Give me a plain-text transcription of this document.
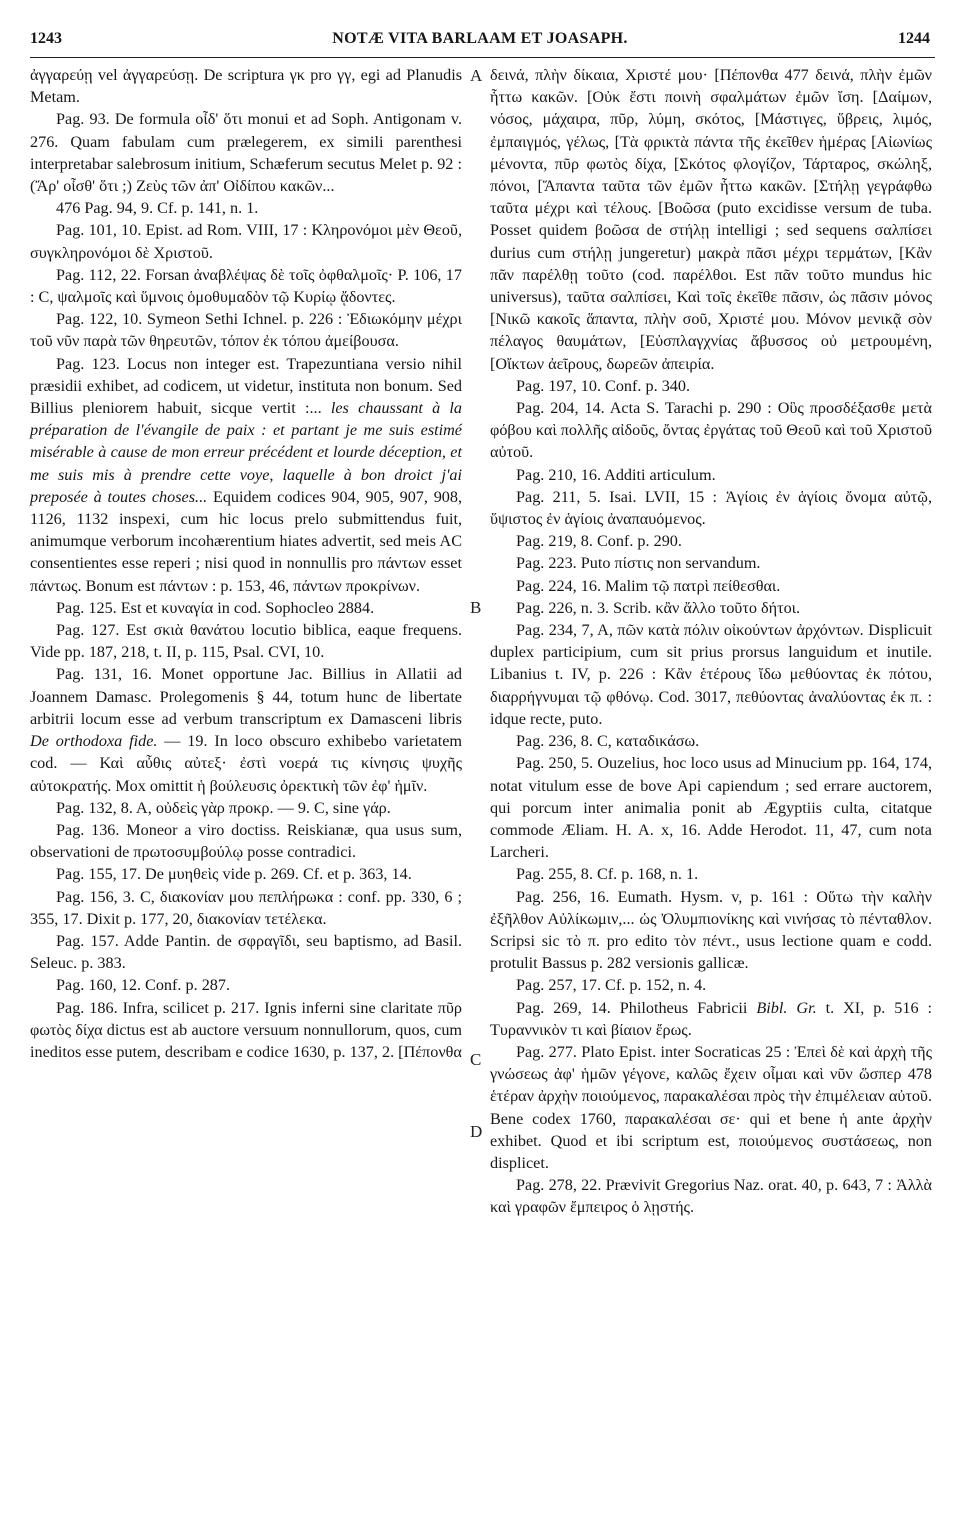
1243	NOTÆ VITA BARLAAM ET JOASAPH.	1244
A
B
C
D

ἀγγαρεύῃ vel ἀγγαρεύσῃ. De scriptura γκ pro γγ, egi ad Planudis Metam.

Pag. 93. De formula οἶδ' ὅτι monui et ad Soph. Antigonam v. 276. Quam fabulam cum prælegerem, ex simili parenthesi interpretabar salebrosum initium, Schæferum secutus Melet p. 92 : (Ἄρ' οἶσθ' ὅτι ;) Ζεὺς τῶν ἀπ' Οἰδίπου κακῶν...

476 Pag. 94, 9. Cf. p. 141, n. 1.

Pag. 101, 10. Epist. ad Rom. VIII, 17 : Κληρονόμοι μὲν Θεοῦ, συγκληρονόμοι δὲ Χριστοῦ.

Pag. 112, 22. Forsan ἀναβλέψας δὲ τοῖς ὀφθαλμοῖς· P. 106, 17 : C, ψαλμοῖς καὶ ὕμνοις ὁμοθυμαδὸν τῷ Κυρίῳ ᾄδοντες.

Pag. 122, 10. Symeon Sethi Ichnel. p. 226 : Ἐδιωκόμην μέχρι τοῦ νῦν παρὰ τῶν θηρευτῶν, τόπον ἐκ τόπου ἀμείβουσα.

Pag. 123. Locus non integer est. Trapezuntiana versio nihil præsidii exhibet, ad codicem, ut videtur, instituta non bonum. Sed Billius pleniorem habuit, sicque vertit :... les chaussant à la préparation de l'évangile de paix : et partant je me suis estimé misérable à cause de mon erreur précédent et lourde déception, et me suis mis à prendre cette voye, laquelle à bon droict j'ai preposée à toutes choses... Equidem codices 904, 905, 907, 908, 1126, 1132 inspexi, cum hic locus prelo submittendus fuit, animumque verborum incohærentium hiates advertit, sed meis AC consentientes esse reperi ; nisi quod in nonnullis pro πάντων esset πάντως. Bonum est πάντων : p. 153, 46, πάντων προκρίνων.

Pag. 125. Est et κυναγία in cod. Sophocleo 2884.

Pag. 127. Est σκιὰ θανάτου locutio biblica, eaque frequens. Vide pp. 187, 218, t. II, p. 115, Psal. CVI, 10.

Pag. 131, 16. Monet opportune Jac. Billius in Allatii ad Joannem Damasc. Prolegomenis § 44, totum hunc de libertate arbitrii locum esse ad verbum transcriptum ex Damasceni libris De orthodoxa fide. — 19. In loco obscuro exhibebo varietatem cod. — Καὶ αὖθις αὐτεξ· ἐστὶ νοερά τις κίνησις ψυχῆς αὐτοκρατής. Mox omittit ἡ βούλευσις ὀρεκτικὴ τῶν ἐφ' ἡμῖν.

Pag. 132, 8. A, οὐδεὶς γὰρ προκρ. — 9. C, sine γάρ.

Pag. 136. Moneor a viro doctiss. Reiskianæ, qua usus sum, observationi de πρωτοσυμβούλῳ posse contradici.

Pag. 155, 17. De μυηθεὶς vide p. 269. Cf. et p. 363, 14.

Pag. 156, 3. C, διακονίαν μου πεπλήρωκα : conf. pp. 330, 6 ; 355, 17. Dixit p. 177, 20, διακονίαν τετέλεκα.

Pag. 157. Adde Pantin. de σφραγῖδι, seu baptismo, ad Basil. Seleuc. p. 383.

Pag. 160, 12. Conf. p. 287.

Pag. 186. Infra, scilicet p. 217. Ignis inferni sine claritate πῦρ φωτὸς δίχα dictus est ab auctore versuum nonnullorum, quos, cum ineditos esse putem, describam e codice 1630, p. 137, 2. [Πέπονθα

δεινά, πλὴν δίκαια, Χριστέ μου· [Πέπονθα 477 δεινά, πλὴν ἐμῶν ἧττω κακῶν. [Οὐκ ἔστι ποινὴ σφαλμάτων ἐμῶν ἴση. [Δαίμων, νόσος, μάχαιρα, πῦρ, λύμη, σκότος, [Μάστιγες, ὕβρεις, λιμός, ἐμπαιγμός, γέλως, [Τὰ φρικτὰ πάντα τῆς ἐκεῖθεν ἡμέρας [Αἰωνίως μένοντα, πῦρ φωτὸς δίχα, [Σκότος φλογίζον, Τάρταρος, σκώληξ, πόνοι, [Ἅπαντα ταῦτα τῶν ἐμῶν ἧττω κακῶν. [Στήλῃ γεγράφθω ταῦτα μέχρι καὶ τέλους. [Βοῶσα (puto excidisse versum de tuba. Posset quidem βοῶσα de στήλῃ intelligi ; sed sequens σαλπίσει durius cum στήλῃ jungeretur) μακρὰ πᾶσι μέχρι τερμάτων, [Κἂν πᾶν παρέλθῃ τοῦτο (cod. παρέλθοι. Est πᾶν τοῦτο mundus hic universus), ταῦτα σαλπίσει, Καὶ τοῖς ἐκεῖθε πᾶσιν, ὡς πᾶσιν μόνος [Νικῶ κακοῖς ἅπαντα, πλὴν σοῦ, Χριστέ μου. Μόνον μενικᾷ σὸν πέλαγος θαυμάτων, [Εὐσπλαγχνίας ἄβυσσος οὐ μετρουμένη, [Οἴκτων ἀεῖρους, δωρεῶν ἀπειρία.

Pag. 197, 10. Conf. p. 340.

Pag. 204, 14. Acta S. Tarachi p. 290 : Οὓς προσδέξασθε μετὰ φόβου καὶ πολλῆς αἰδοῦς, ὄντας ἐργάτας τοῦ Θεοῦ καὶ τοῦ Χριστοῦ αὐτοῦ.

Pag. 210, 16. Additi articulum.

Pag. 211, 5. Isai. LVII, 15 : Ἁγίοις ἐν ἁγίοις ὄνομα αὐτῷ, ὕψιστος ἐν ἁγίοις ἀναπαυόμενος.

Pag. 219, 8. Conf. p. 290.

Pag. 223. Puto πίστις non servandum.

Pag. 224, 16. Malim τῷ πατρὶ πείθεσθαι.

Pag. 226, n. 3. Scrib. κἂν ἄλλο τοῦτο δήτοι.

Pag. 234, 7, A, πῶν κατὰ πόλιν οἰκούντων ἀρχόντων. Displicuit duplex participium, cum sit prius prorsus languidum et inutile. Libanius t. IV, p. 226 : Κἂν ἑτέρους ἴδω μεθύοντας ἐκ πότου, διαρρήγνυμαι τῷ φθόνῳ. Cod. 3017, πεθύοντας ἀναλύοντας ἐκ π. : idque recte, puto.

Pag. 236, 8. C, καταδικάσω.

Pag. 250, 5. Ouzelius, hoc loco usus ad Minucium pp. 164, 174, notat vitulum esse de bove Api capiendum ; sed errare auctorem, qui porcum inter animalia ponit ab Ægyptiis culta, citatque commode Æliam. H. A. x, 16. Adde Herodot. 11, 47, cum nota Larcheri.

Pag. 255, 8. Cf. p. 168, n. 1.

Pag. 256, 16. Eumath. Hysm. v, p. 161 : Οὕτω τὴν καλὴν ἐξῆλθον Αὐλίκωμιν,... ὡς Ὀλυμπιονίκης καὶ νινήσας τὸ πένταθλον. Scripsi sic τὸ π. pro edito τὸν πέντ., usus lectione quam e codd. protulit Bassus p. 282 versionis gallicæ.

Pag. 257, 17. Cf. p. 152, n. 4.

Pag. 269, 14. Philotheus Fabricii Bibl. Gr. t. XI, p. 516 : Τυραννικὸν τι καὶ βίαιον ἔρως.

Pag. 277. Plato Epist. inter Socraticas 25 : Ἐπεὶ δὲ καὶ ἀρχὴ τῆς γνώσεως ἀφ' ἡμῶν γέγονε, καλῶς ἔχειν οἶμαι καὶ νῦν ὥσπερ 478 ἑτέραν ἀρχὴν ποιούμενος, παρακαλέσαι πρὸς τὴν ἐπιμέλειαν αὐτοῦ. Bene codex 1760, παρακαλέσαι σε· qui et bene ἡ ante ἀρχὴν exhibet. Quod et ibi scriptum est, ποιούμενος συστάσεως, non displicet.

Pag. 278, 22. Prævivit Gregorius Naz. orat. 40, p. 643, 7 : Ἀλλὰ καὶ γραφῶν ἔμπειρος ὁ λῃστής.
